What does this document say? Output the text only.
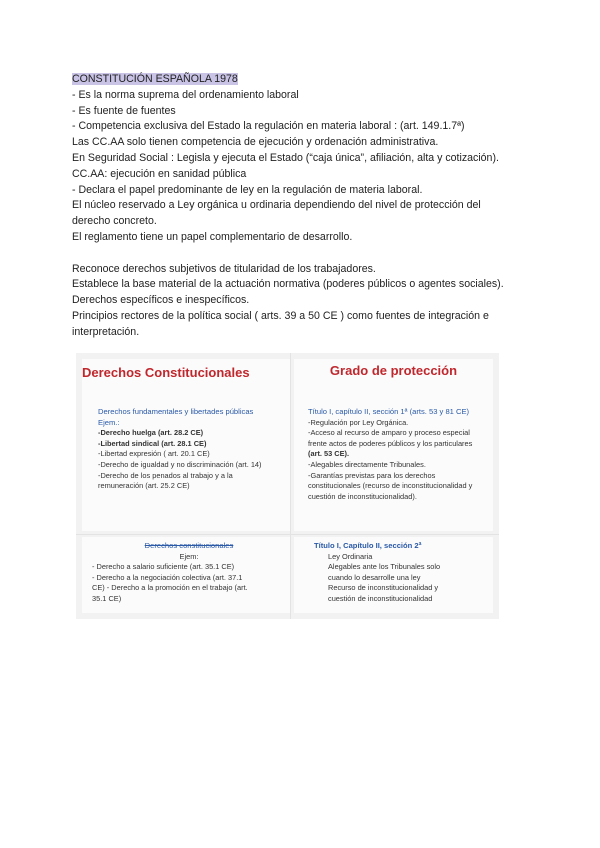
CONSTITUCIÓN ESPAÑOLA 1978
- Es la norma suprema del ordenamiento laboral
- Es fuente de fuentes
- Competencia exclusiva del Estado la regulación en materia laboral : (art. 149.1.7ª)
Las CC.AA solo tienen competencia de ejecución y ordenación administrativa.
En Seguridad Social : Legisla y ejecuta el Estado (“caja única”, afiliación, alta y cotización).
CC.AA: ejecución en sanidad pública
- Declara el papel predominante de ley en la regulación de materia laboral.
El núcleo reservado a Ley orgánica u ordinaria dependiendo del nivel de protección del
derecho concreto.
El reglamento tiene un papel complementario de desarrollo.
Reconoce derechos subjetivos de titularidad de los trabajadores.
Establece la base material de la actuación normativa (poderes públicos o agentes sociales).
Derechos específicos e inespecíficos.
Principios rectores de la política social ( arts. 39 a 50 CE ) como fuentes de integración e
interpretación.
Derechos Constitucionales
Derechos fundamentales y libertades públicas
Ejem.:
-Derecho huelga (art. 28.2 CE)
-Libertad sindical (art. 28.1 CE)
-Libertad expresión ( art. 20.1 CE)
-Derecho de igualdad y no discriminación (art. 14)
-Derecho de los penados al trabajo y a la
remuneración (art. 25.2 CE)
Grado de protección
Título I, capítulo II, sección 1ª (arts. 53 y 81 CE)
-Regulación por Ley Orgánica.
-Acceso al recurso de amparo y proceso especial
frente actos de poderes públicos y los particulares
(art. 53 CE).
-Alegables directamente Tribunales.
-Garantías previstas para los derechos
constitucionales (recurso de inconstitucionalidad y
cuestión de inconstitucionalidad).
Derechos constitucionales
Ejem:
- Derecho a salario suficiente (art. 35.1 CE)
- Derecho a la negociación colectiva (art. 37.1
CE) - Derecho a la promoción en el trabajo (art.
35.1 CE)
Título I, Capítulo II, sección 2ª
Ley Ordinaria
Alegables ante los Tribunales solo
cuando lo desarrolle una ley
Recurso de inconstitucionalidad y
cuestión de inconstitucionalidad
